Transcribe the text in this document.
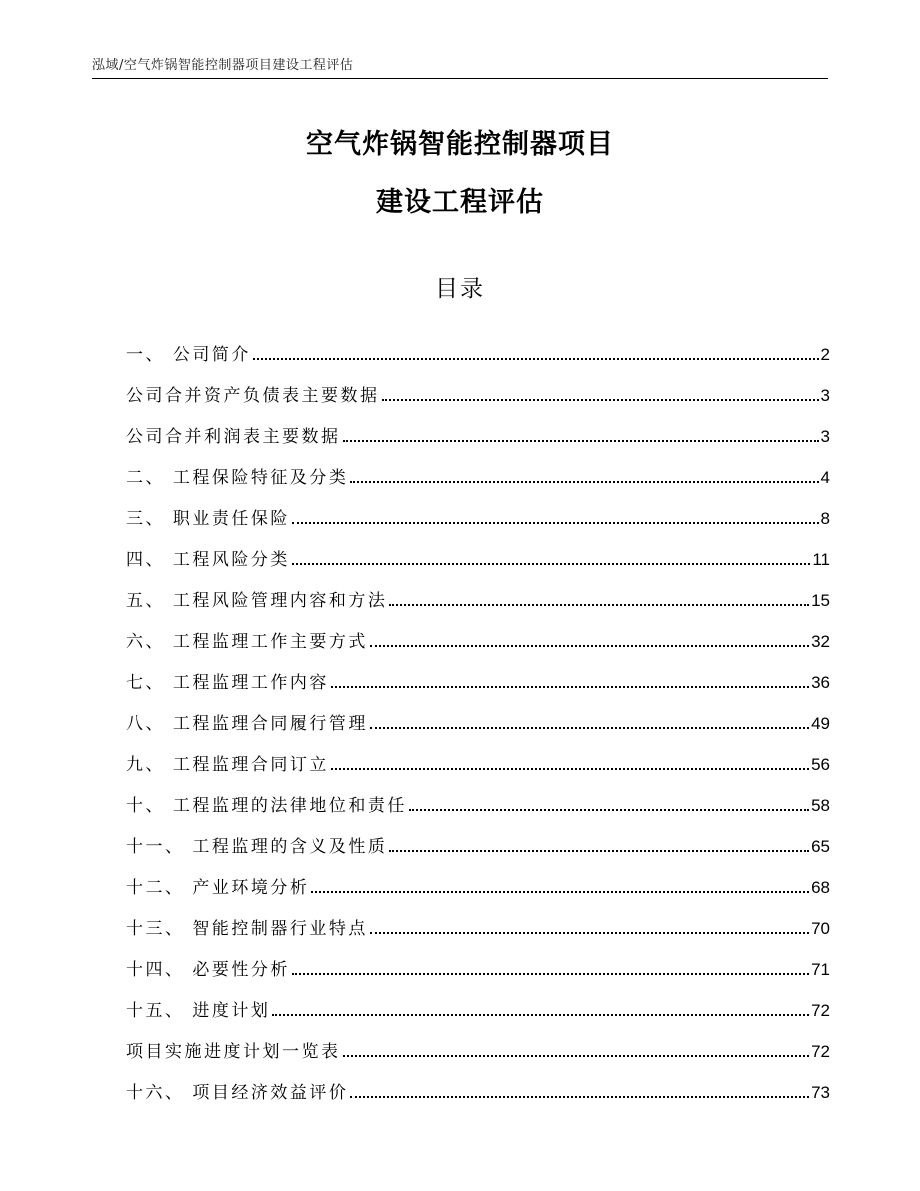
泓域/空气炸锅智能控制器项目建设工程评估
空气炸锅智能控制器项目
建设工程评估
目录
一、 公司简介	2
公司合并资产负债表主要数据	3
公司合并利润表主要数据	3
二、 工程保险特征及分类	4
三、 职业责任保险	8
四、 工程风险分类	11
五、 工程风险管理内容和方法	15
六、 工程监理工作主要方式	32
七、 工程监理工作内容	36
八、 工程监理合同履行管理	49
九、 工程监理合同订立	56
十、 工程监理的法律地位和责任	58
十一、 工程监理的含义及性质	65
十二、 产业环境分析	68
十三、 智能控制器行业特点	70
十四、 必要性分析	71
十五、 进度计划	72
项目实施进度计划一览表	72
十六、 项目经济效益评价	73
